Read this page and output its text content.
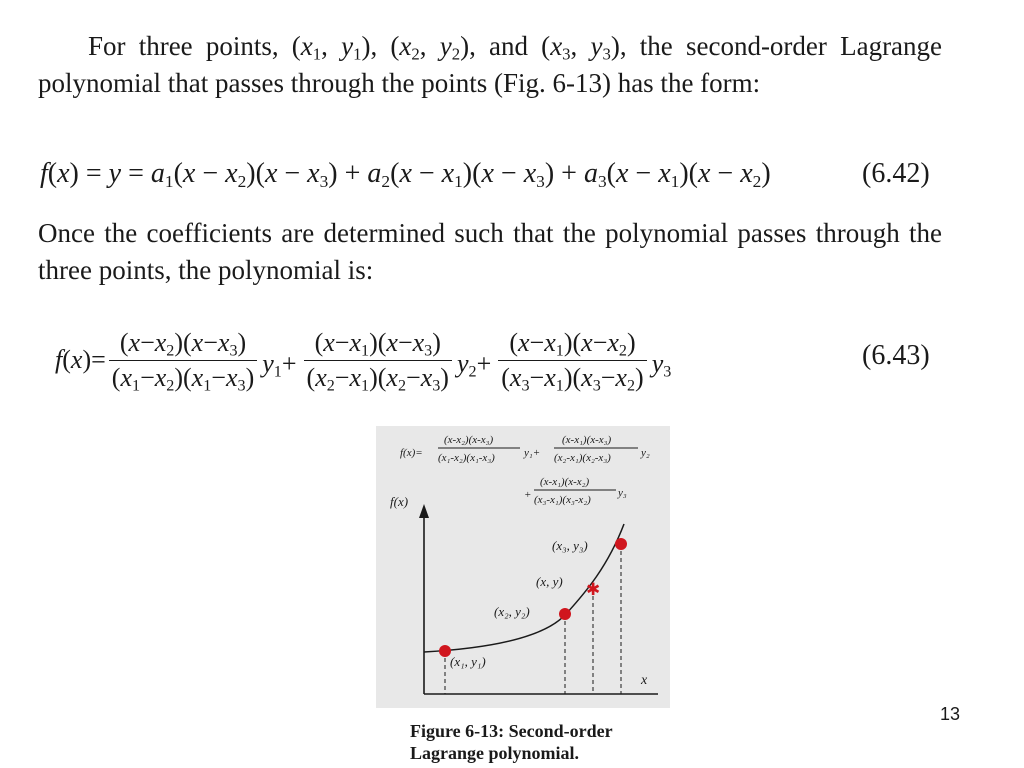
For three points, ($x_1$, $y_1$), ($x_2$, $y_2$), and ($x_3$, $y_3$), the second-order Lagrange polynomial that passes through the points (Fig. 6-13) has the form:

$f(x) = y = a_1(x - x_2)(x - x_3) + a_2(x - x_1)(x - x_3) + a_3(x - x_1)(x - x_2)$	(6.42)

Once the coefficients are determined such that the polynomial passes through the three points, the polynomial is:

$f(x)= \frac{(x-x_2)(x-x_3)}{(x_1-x_2)(x_1-x_3)} y_1+ \frac{(x-x_1)(x-x_3)}{(x_2-x_1)(x_2-x_3)} y_2+ \frac{(x-x_1)(x-x_2)}{(x_3-x_1)(x_3-x_2)} y_3$
(6.43)
f(x)=
(x-x₂)(x-x₃)
(x₁-x₂)(x₁-x₃)	y₁+
(x-x₁)(x-x₃)
(x₂-x₁)(x₂-x₃)	y₂
+
(x-x₁)(x-x₂)
(x₃-x₁)(x₃-x₂)
y₃
f(x)
x
✱
(x₁, y₁)
(x₂, y₂)
(x, y)
(x₃, y₃)
Figure 6-13: Second-order
Lagrange polynomial.
13
